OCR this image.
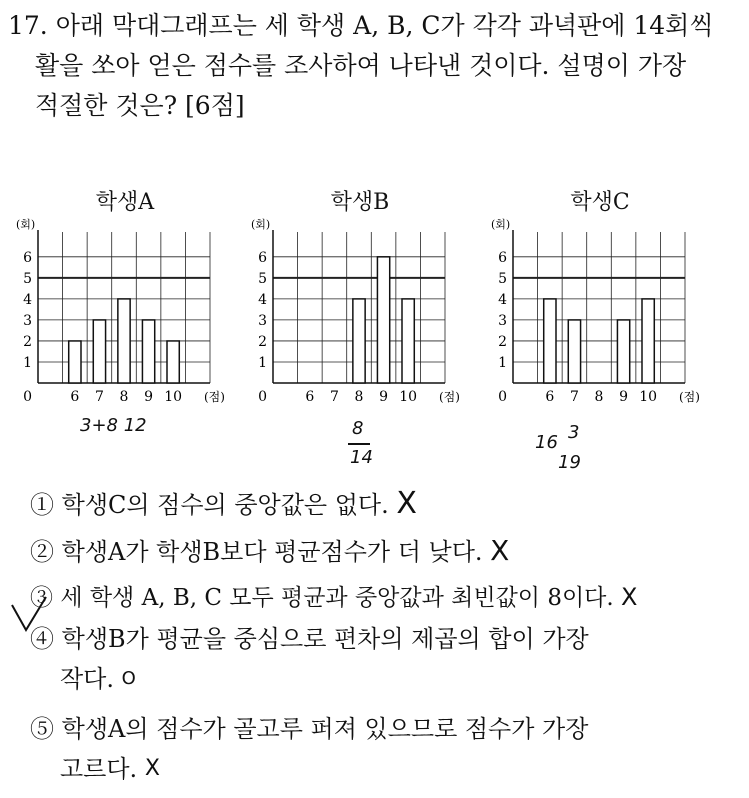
17. 아래 막대그래프는 세 학생 A, B, C가 각각 과녁판에 14회씩
활을 쏘아 얻은 점수를 조사하여 나타낸 것이다. 설명이 가장
적절한 것은? [6점]
학생A
1
2
3
4
5
6
(회)
0	(점)
6 7 8 9 10
학생B
1
2
3
4
5
6
(회)
0	(점)
6 7 8 9 10
학생C
1
2
3
4
5
6
(회)
0	(점)
6 7 8 9 10
3+8 12	8
14
16 3
19
① 학생C의 점수의 중앙값은 없다. X
② 학생A가 학생B보다 평균점수가 더 낮다. X
③ 세 학생 A, B, C 모두 평균과 중앙값과 최빈값이 8이다. X
④ 학생B가 평균을 중심으로 편차의 제곱의 합이 가장
작다. $^O$
⑤ 학생A의 점수가 골고루 퍼져 있으므로 점수가 가장
고르다. X
